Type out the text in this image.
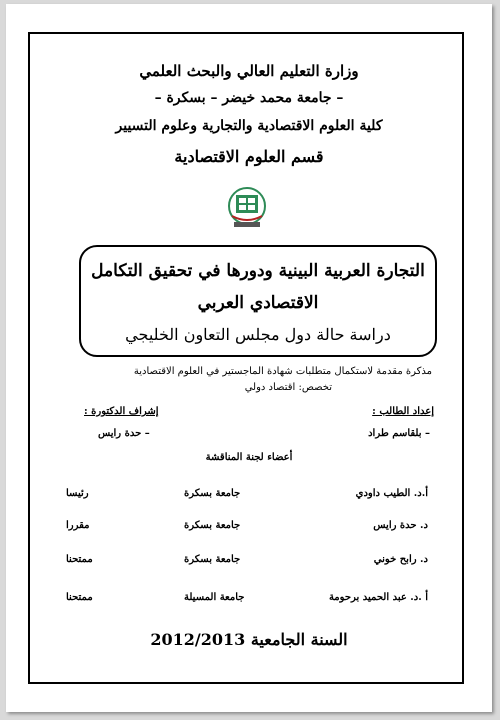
وزارة التعليم العالي والبحث العلمي
– جامعة محمد خيضر – بسكرة –
كلية العلوم الاقتصادية والتجارية وعلوم التسيير
قسم العلوم الاقتصادية
التجارة العربية البينية ودورها في تحقيق التكامل
الاقتصادي العربي
دراسة حالة دول مجلس التعاون الخليجي
مذكرة مقدمة لاستكمال متطلبات شهادة الماجستير في العلوم الاقتصادية
تخصص: اقتصاد دولي
إعداد الطالب :
إشراف الدكتورة :
– بلقاسم طراد
– حدة رايس
أعضاء لجنة المناقشة
أ.د. الطيب داودي
جامعة بسكرة
رئيسا
د. حدة رايس
جامعة بسكرة
مقررا
د. رابح خوني
جامعة بسكرة
ممتحنا
أ .د. عبد الحميد برحومة
جامعة المسيلة
ممتحنا
السنة الجامعية 2012/2013
